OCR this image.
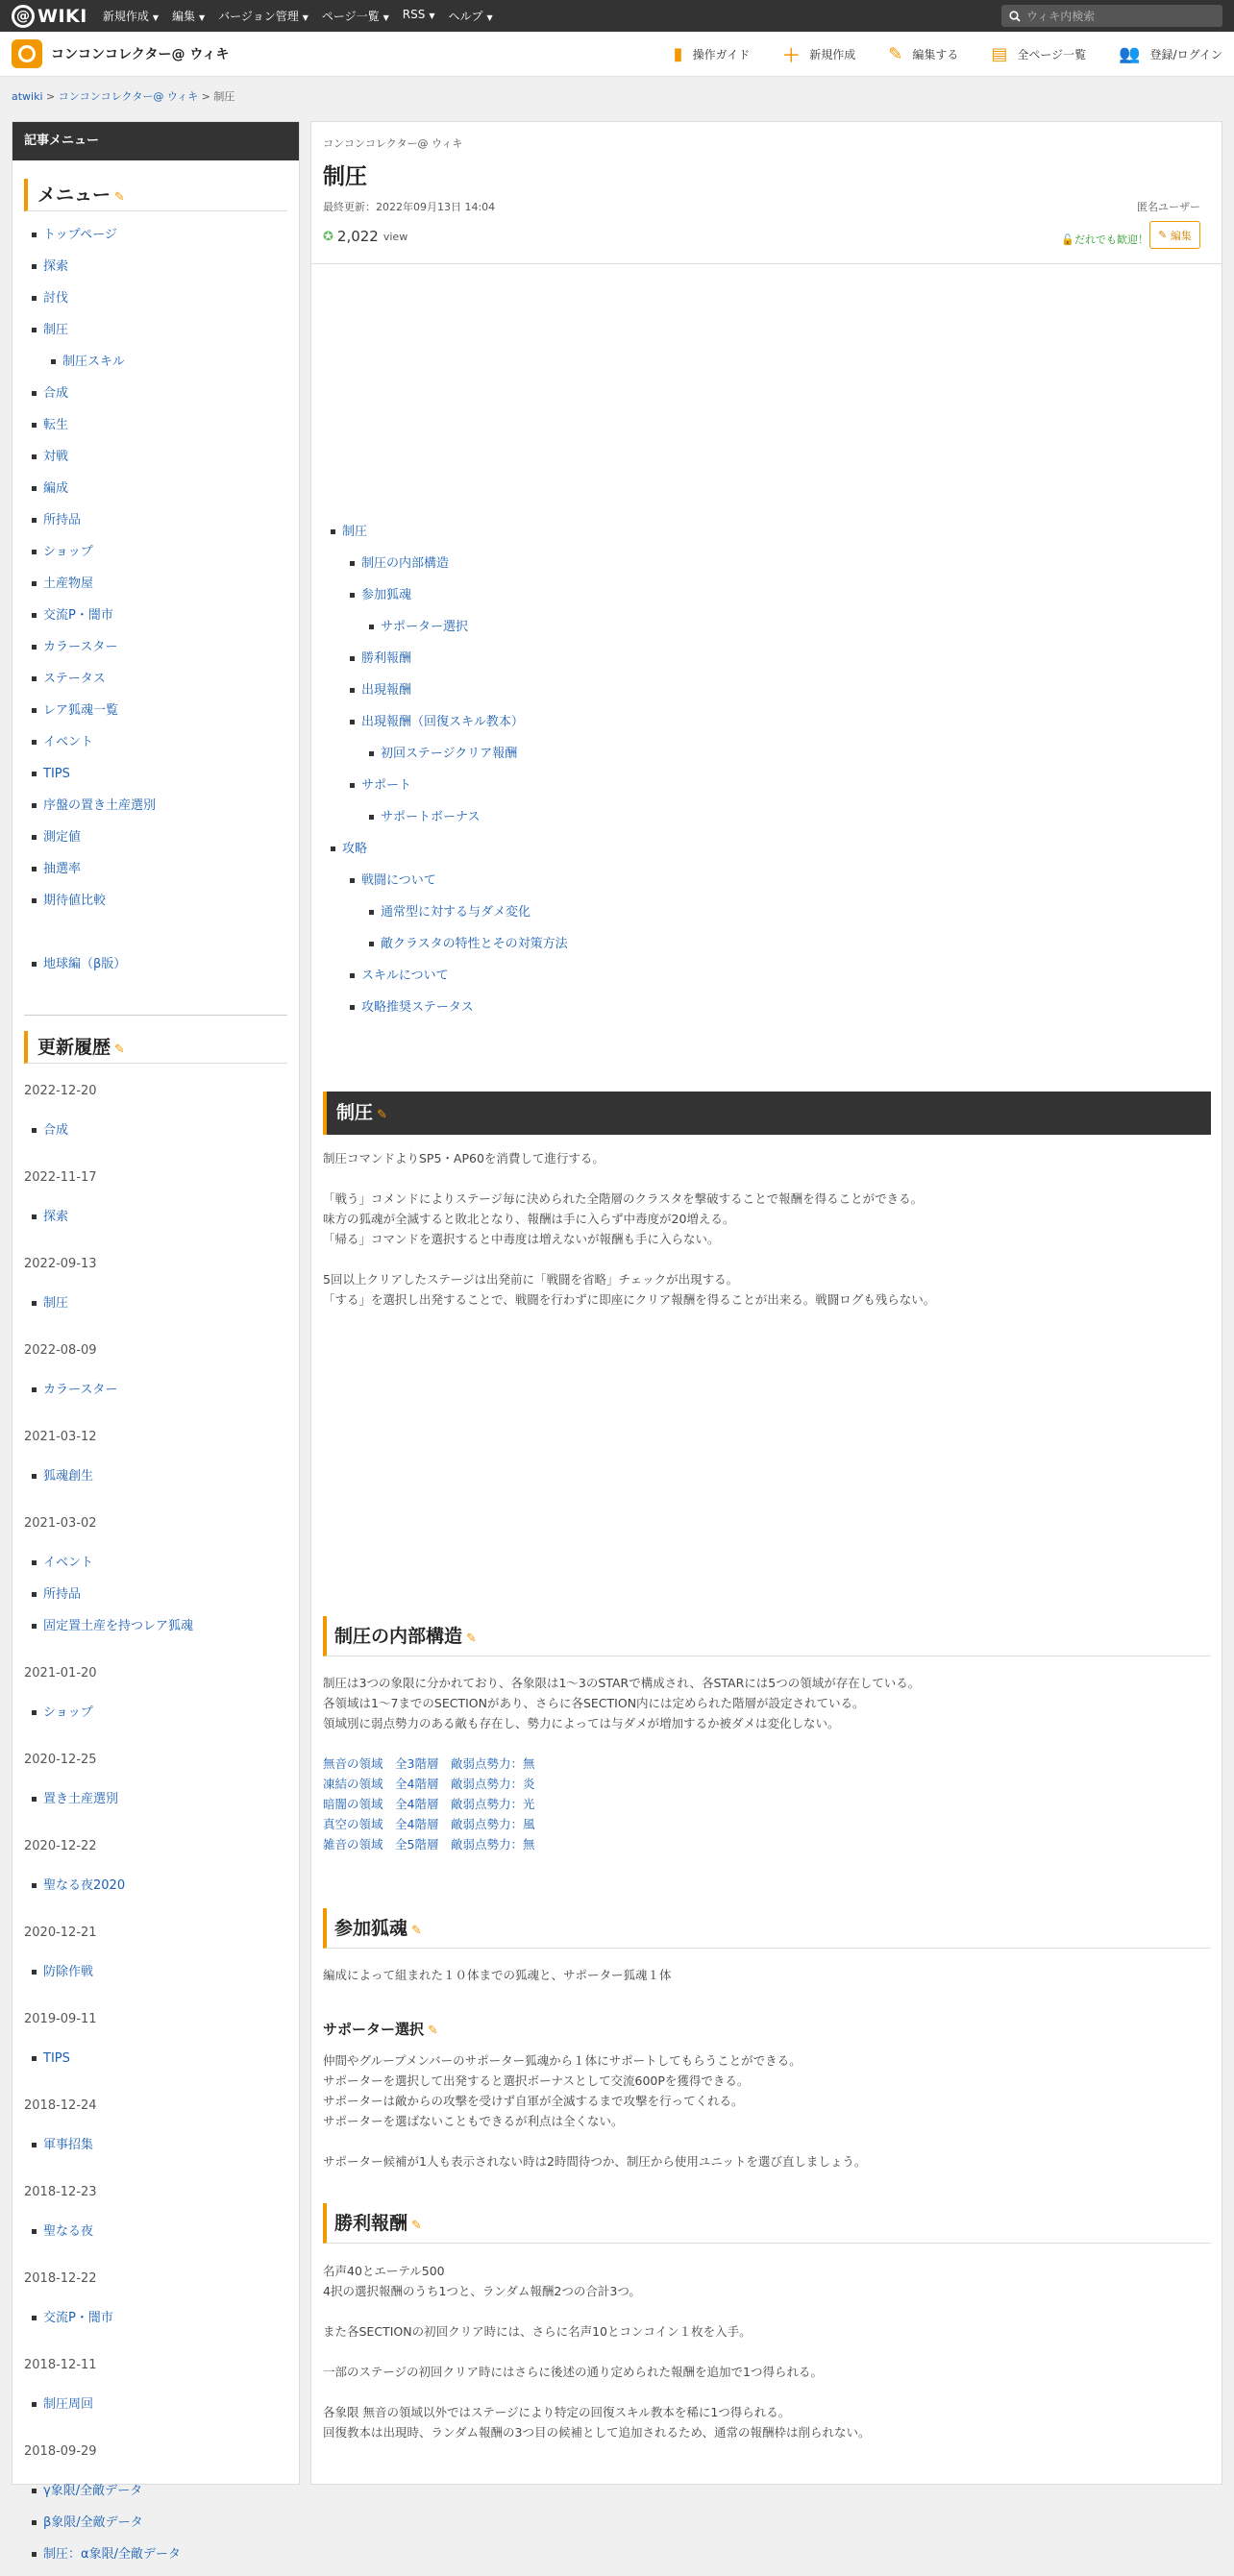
@ WIKI 新規作成 ▼ 編集 ▼ バージョン管理 ▼ ページ一覧 ▼ RSS ▼ ヘルプ ▼
ウィキ内検索
コンコンコレクター@ ウィキ	▮ 操作ガイド ＋ 新規作成 ✎ 編集する ▤ 全ページ一覧 👥 登録/ログイン
atwiki > コンコンコレクター@ ウィキ > 制圧
記事メニュー
メニュー ✎
トップページ
探索
討伐
制圧
制圧スキル
合成
転生
対戦
編成
所持品
ショップ
土産物屋
交流P・闇市
カラースター
ステータス
レア狐魂一覧
イベント
TIPS
序盤の置き土産選別
測定値
抽選率
期待値比較
地球編（β版）
更新履歴 ✎
2022-12-20
合成
2022-11-17
探索
2022-09-13
制圧
2022-08-09
カラースター
2021-03-12
狐魂創生
2021-03-02
イベント
所持品
固定置土産を持つレア狐魂
2021-01-20
ショップ
2020-12-25
置き土産選別
2020-12-22
聖なる夜2020
2020-12-21
防除作戦
2019-09-11
TIPS
2018-12-24
軍事招集
2018-12-23
聖なる夜
2018-12-22
交流P・闇市
2018-12-11
制圧周回
2018-09-29
γ象限/全敵データ
β象限/全敵データ
制圧：α象限/全敵データ
コンコンコレクター@ ウィキ
制圧
最終更新：2022年09月13日 14:04	匿名ユーザー
✪ 2,022 view	🔓だれでも歓迎！ ✎
編集
制圧
制圧の内部構造
参加狐魂
サポーター選択
勝利報酬
出現報酬
出現報酬（回復スキル教本）
初回ステージクリア報酬
サポート
サポートボーナス
攻略
戦闘について
通常型に対する与ダメ変化
敵クラスタの特性とその対策方法
スキルについて
攻略推奨ステータス
制圧 ✎
制圧コマンドよりSP5・AP60を消費して進行する。
「戦う」コメンドによりステージ毎に決められた全階層のクラスタを撃破することで報酬を得ることができる。
味方の狐魂が全滅すると敗北となり、報酬は手に入らず中毒度が20増える。
「帰る」コマンドを選択すると中毒度は増えないが報酬も手に入らない。
5回以上クリアしたステージは出発前に「戦闘を省略」チェックが出現する。
「する」を選択し出発することで、戦闘を行わずに即座にクリア報酬を得ることが出来る。戦闘ログも残らない。
制圧の内部構造 ✎
制圧は3つの象限に分かれており、各象限は1～3のSTARで構成され、各STARには5つの領域が存在している。
各領域は1～7までのSECTIONがあり、さらに各SECTION内には定められた階層が設定されている。
領域別に弱点勢力のある敵も存在し、勢力によっては与ダメが増加するか被ダメは変化しない。
無音の領域　全3階層　敵弱点勢力：無
凍結の領域　全4階層　敵弱点勢力：炎
暗闇の領域　全4階層　敵弱点勢力：光
真空の領域　全4階層　敵弱点勢力：風
雑音の領域　全5階層　敵弱点勢力：無
参加狐魂 ✎
編成によって組まれた１０体までの狐魂と、サポーター狐魂１体
サポーター選択 ✎
仲間やグループメンバーのサポーター狐魂から１体にサポートしてもらうことができる。
サポーターを選択して出発すると選択ボーナスとして交流600Pを獲得できる。
サポーターは敵からの攻撃を受けず自軍が全滅するまで攻撃を行ってくれる。
サポーターを選ばないこともできるが利点は全くない。
サポーター候補が1人も表示されない時は2時間待つか、制圧から使用ユニットを選び直しましょう。
勝利報酬 ✎
名声40とエーテル500
4択の選択報酬のうち1つと、ランダム報酬2つの合計3つ。
また各SECTIONの初回クリア時には、さらに名声10とコンコイン１枚を入手。
一部のステージの初回クリア時にはさらに後述の通り定められた報酬を追加で1つ得られる。
各象限 無音の領域以外ではステージにより特定の回復スキル教本を稀に1つ得られる。
回復教本は出現時、ランダム報酬の3つ目の候補として追加されるため、通常の報酬枠は削られない。
